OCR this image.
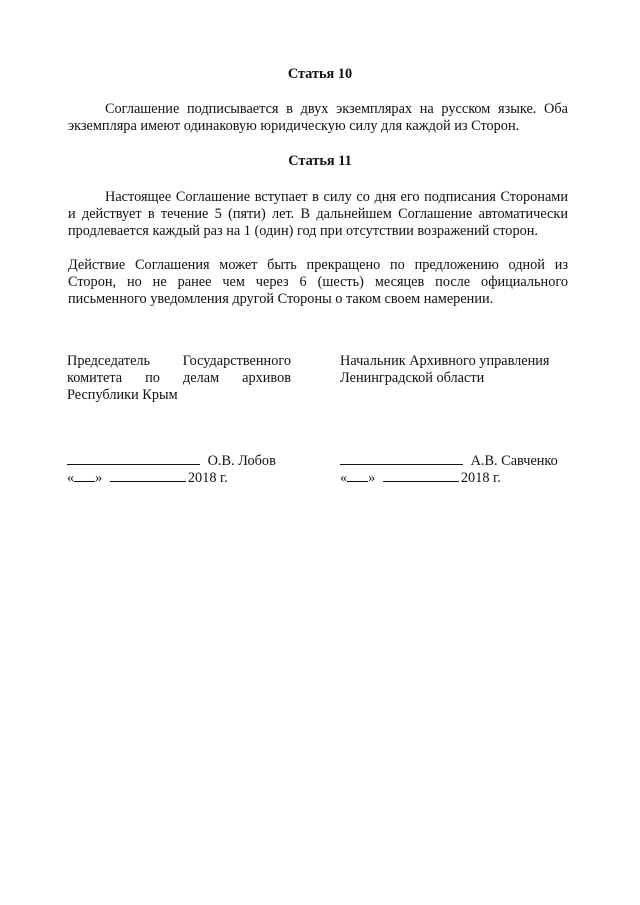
Статья 10
Соглашение подписывается в двух экземплярах на русском языке. Оба экземпляра имеют одинаковую юридическую силу для каждой из Сторон.
Статья 11
Настоящее Соглашение вступает в силу со дня его подписания Сторонами и действует в течение 5 (пяти) лет. В дальнейшем Соглашение автоматически продлевается каждый раз на 1 (один) год при отсутствии возражений сторон.
Действие Соглашения может быть прекращено по предложению одной из Сторон, но не ранее чем через 6 (шесть) месяцев после официального письменного уведомления другой Стороны о таком своем намерении.
Председатель Государственного
комитета по делам архивов
Республики Крым
Начальник Архивного управления
Ленинградской области
О.В. Лобов
« »	2018 г.
А.В. Савченко
« »	2018 г.
